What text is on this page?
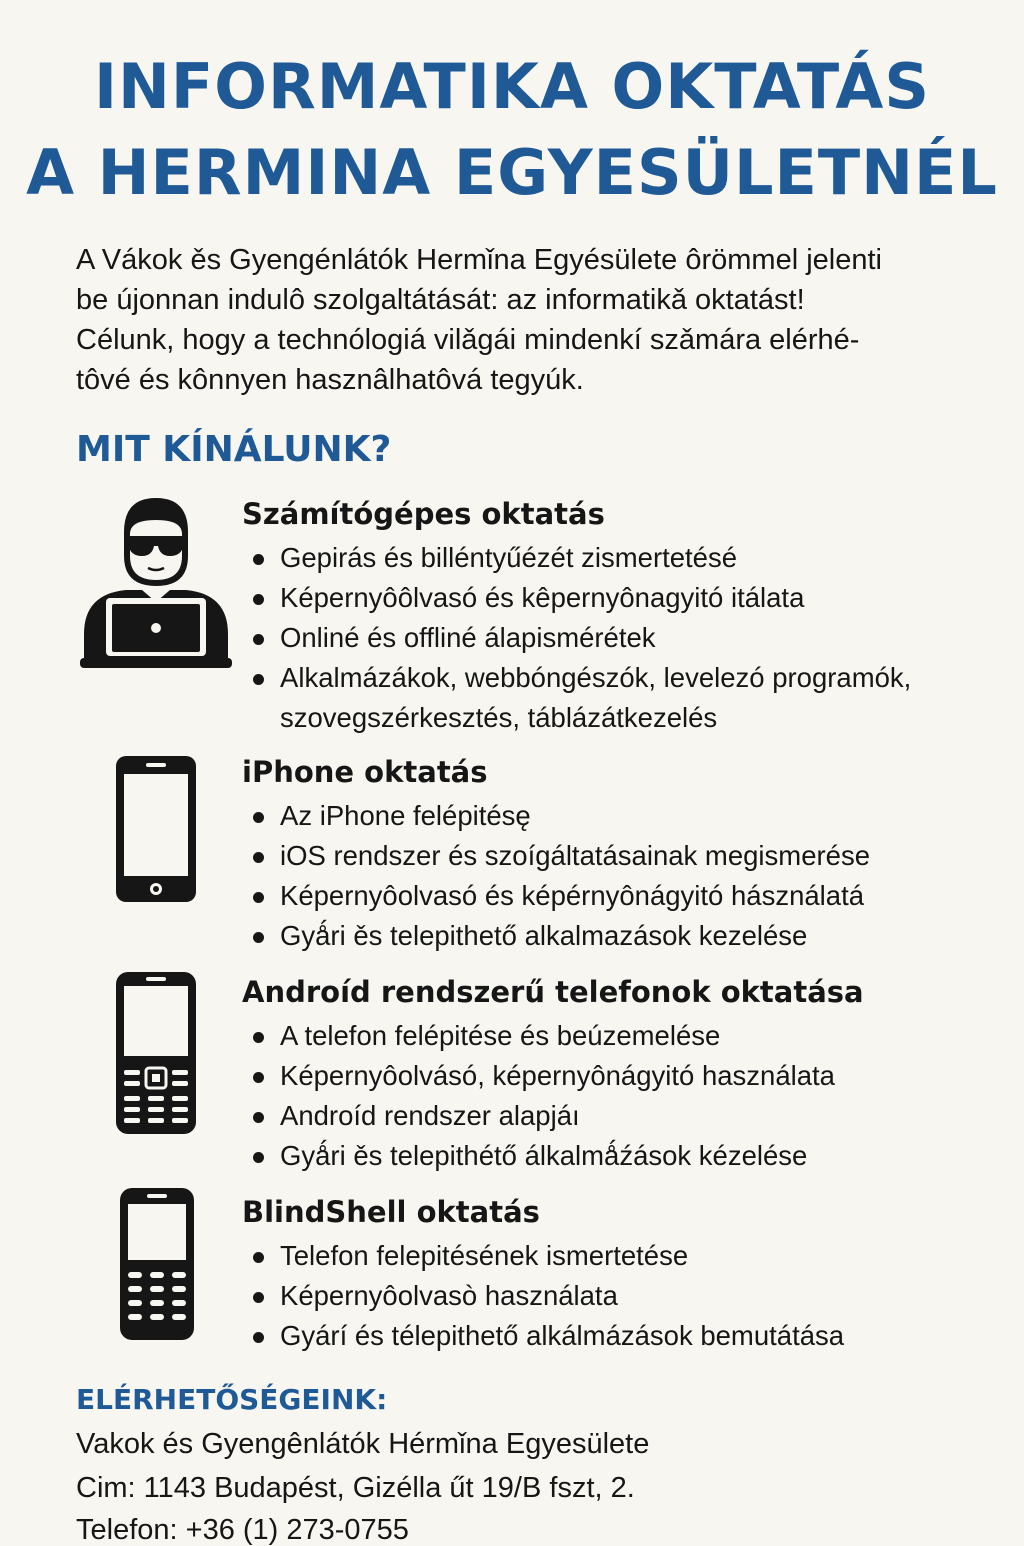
INFORMATIKA OKTATÁS
A HERMINA EGYESÜLETNÉL

A Vákok ěs Gyengénlátók Hermǐna Egyésülete ôrömmel jelenti
be újonnan indulô szolgaltátását: az informatikǎ oktatást!
Célunk, hogy a technólogiá vilǎgái mindenkí szǎmára elérhé-
tôvé és kônnyen hasznâlhatôvá tegyúk.

MIT KÍNÁLUNK?
Számítógépes oktatás
Gepirás és billéntyűézét zismertetésé
Képernyôôlvasó és kêpernyônagyitó itálata
Onliné és offliné álapismérétek
Alkalmázákok, webbóngészók, levelezó programók,
szovegszérkesztés, táblázátkezelés
iPhone oktatás
Az iPhone felépitésę
iOS rendszer és szoígáltatásainak megismerése
Képernyôolvasó és képérnyônágyitó hásználatá
Gyǻri ěs telepithető alkalmazások kezelése
Androíd rendszerű telefonok oktatása
A telefon felépitése és beúzemelése
Képernyôolvásó, képernyônágyitó használata
Androíd rendszer alapjáı
Gyǻri ěs telepithétő álkalmǻźások kézelése
BlindShell oktatás
Telefon felepitésének ismertetése
Képernyôolvasò használata
Gyárí és télepithető alkálmázások bemutátása
ELÉRHETŐSÉGEINK:

Vakok és Gyengênlátók Hérmǐna Egyesülete

Cim: 1143 Budapést, Gizélla űt 19/B fszt, 2.

Telefon: +36 (1) 273-0755
